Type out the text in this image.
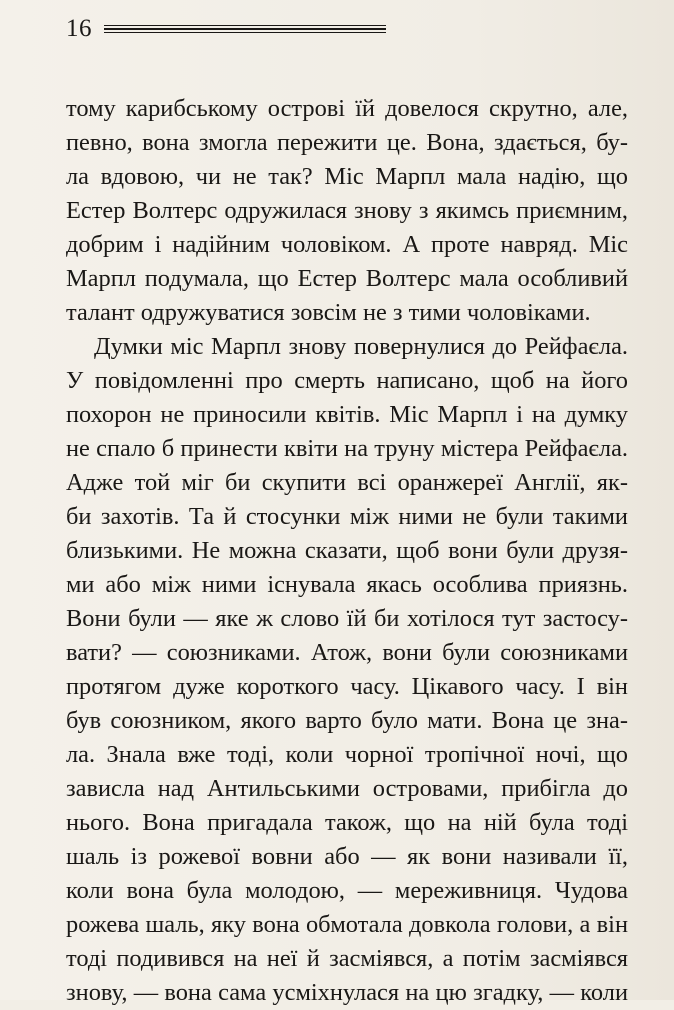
16
тому карибському острові їй довелося скрутно, але,
певно, вона змогла пережити це. Вона, здається, бу-
ла вдовою, чи не так? Міс Марпл мала надію, що
Естер Волтерс одружилася знову з якимсь приємним,
добрим і надійним чоловіком. А проте навряд. Міс
Марпл подумала, що Естер Волтерс мала особливий
талант одружуватися зовсім не з тими чоловіками.
Думки міс Марпл знову повернулися до Рейфаєла.
У повідомленні про смерть написано, щоб на його
похорон не приносили квітів. Міс Марпл і на думку
не спало б принести квіти на труну містера Рейфаєла.
Адже той міг би скупити всі оранжереї Англії, як-
би захотів. Та й стосунки між ними не були такими
близькими. Не можна сказати, щоб вони були друзя-
ми або між ними існувала якась особлива приязнь.
Вони були — яке ж слово їй би хотілося тут застосу-
вати? — союзниками. Атож, вони були союзниками
протягом дуже короткого часу. Цікавого часу. І він
був союзником, якого варто було мати. Вона це зна-
ла. Знала вже тоді, коли чорної тропічної ночі, що
зависла над Антильськими островами, прибігла до
нього. Вона пригадала також, що на ній була тоді
шаль із рожевої вовни або — як вони називали її,
коли вона була молодою, — мереживниця. Чудова
рожева шаль, яку вона обмотала довкола голови, а він
тоді подивився на неї й засміявся, а потім засміявся
знову, — вона сама усміхнулася на цю згадку, — коли
